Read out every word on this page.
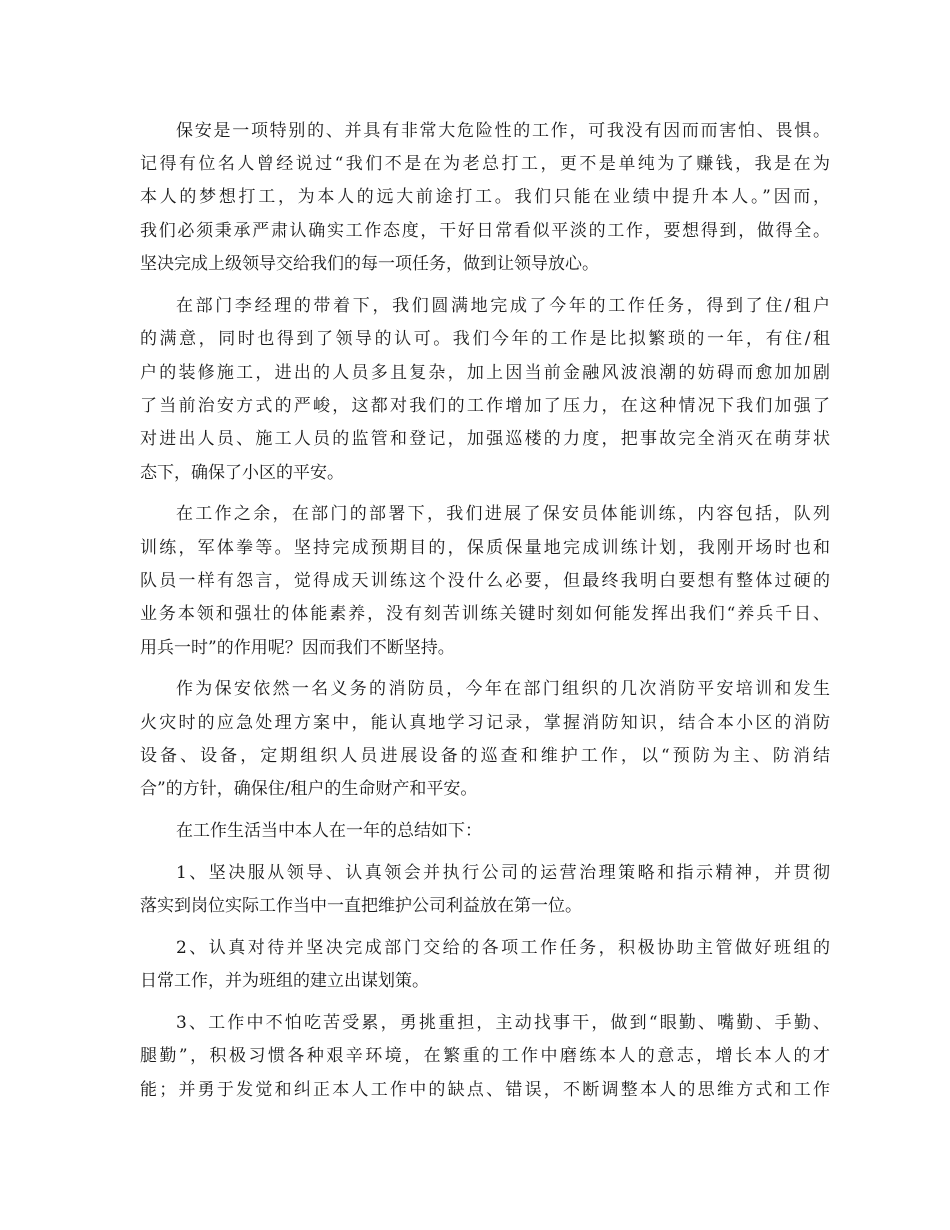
保安是一项特别的、并具有非常大危险性的工作，可我没有因而而害怕、畏惧。
记得有位名人曾经说过“我们不是在为老总打工，更不是单纯为了赚钱，我是在为
本人的梦想打工，为本人的远大前途打工。我们只能在业绩中提升本人。”因而，
我们必须秉承严肃认确实工作态度，干好日常看似平淡的工作，要想得到，做得全。
坚决完成上级领导交给我们的每一项任务，做到让领导放心。
在部门李经理的带着下，我们圆满地完成了今年的工作任务，得到了住/租户
的满意，同时也得到了领导的认可。我们今年的工作是比拟繁琐的一年，有住/租
户的装修施工，进出的人员多且复杂，加上因当前金融风波浪潮的妨碍而愈加加剧
了当前治安方式的严峻，这都对我们的工作增加了压力，在这种情况下我们加强了
对进出人员、施工人员的监管和登记，加强巡楼的力度，把事故完全消灭在萌芽状
态下，确保了小区的平安。
在工作之余，在部门的部署下，我们进展了保安员体能训练，内容包括，队列
训练，军体拳等。坚持完成预期目的，保质保量地完成训练计划，我刚开场时也和
队员一样有怨言，觉得成天训练这个没什么必要，但最终我明白要想有整体过硬的
业务本领和强壮的体能素养，没有刻苦训练关键时刻如何能发挥出我们“养兵千日、
用兵一时”的作用呢？因而我们不断坚持。
作为保安依然一名义务的消防员，今年在部门组织的几次消防平安培训和发生
火灾时的应急处理方案中，能认真地学习记录，掌握消防知识，结合本小区的消防
设备、设备，定期组织人员进展设备的巡查和维护工作，以“预防为主、防消结
合”的方针，确保住/租户的生命财产和平安。
在工作生活当中本人在一年的总结如下：
1、坚决服从领导、认真领会并执行公司的运营治理策略和指示精神，并贯彻
落实到岗位实际工作当中一直把维护公司利益放在第一位。
2、认真对待并坚决完成部门交给的各项工作任务，积极协助主管做好班组的
日常工作，并为班组的建立出谋划策。
3、工作中不怕吃苦受累，勇挑重担，主动找事干，做到“眼勤、嘴勤、手勤、
腿勤”，积极习惯各种艰辛环境，在繁重的工作中磨练本人的意志，增长本人的才
能；并勇于发觉和纠正本人工作中的缺点、错误，不断调整本人的思维方式和工作
